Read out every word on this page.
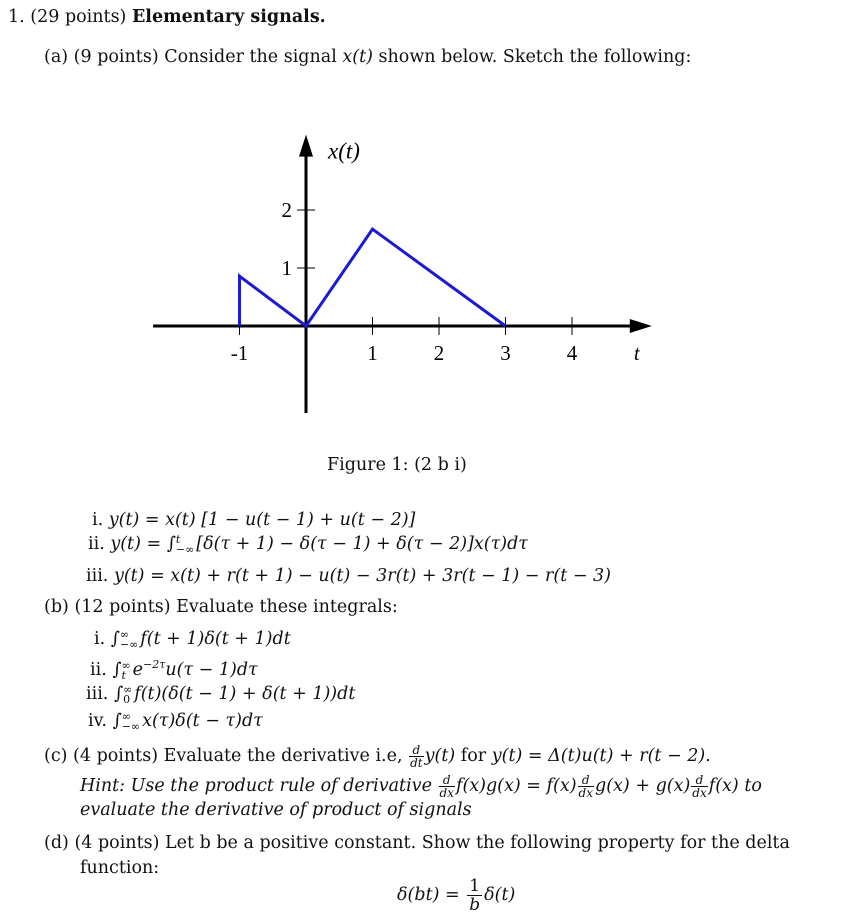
1. (29 points) Elementary signals.
(a) (9 points) Consider the signal x(t) shown below. Sketch the following:
-1	1	2	3	4
1
2
t
x(t)
Figure 1: (2 b i)
i. y(t) = x(t) [1 − u(t − 1) + u(t − 2)]
ii. y(t) = ∫ t
−∞ [δ(τ + 1) − δ(τ − 1) + δ(τ − 2)]x(τ)dτ
iii. y(t) = x(t) + r(t + 1) − u(t) − 3r(t) + 3r(t − 1) − r(t − 3)
(b) (12 points) Evaluate these integrals:
i. ∫ ∞
−∞ f(t + 1)δ(t + 1)dt
ii. ∫ ∞
t $e^{-2\tau}u(\tau - 1)d\tau$
iii. ∫ ∞
0 f(t)(δ(t − 1) + δ(t + 1))dt
iv. ∫ ∞
−∞ x(τ)δ(t − τ)dτ
(c) (4 points) Evaluate the derivative i.e, $\frac{d}{dt} y(t)$ for y(t) = Δ(t)u(t) + r(t − 2).
Hint: Use the product rule of derivative $\frac{d}{dx} f(x)g(x) = f(x) \frac{d}{dx} g(x) + g(x) \frac{d}{dx} f(x)$ to
evaluate the derivative of product of signals
(d) (4 points) Let b be a positive constant. Show the following property for the delta
function:
$\delta(bt) = \frac{1}{b} \delta(t)$
